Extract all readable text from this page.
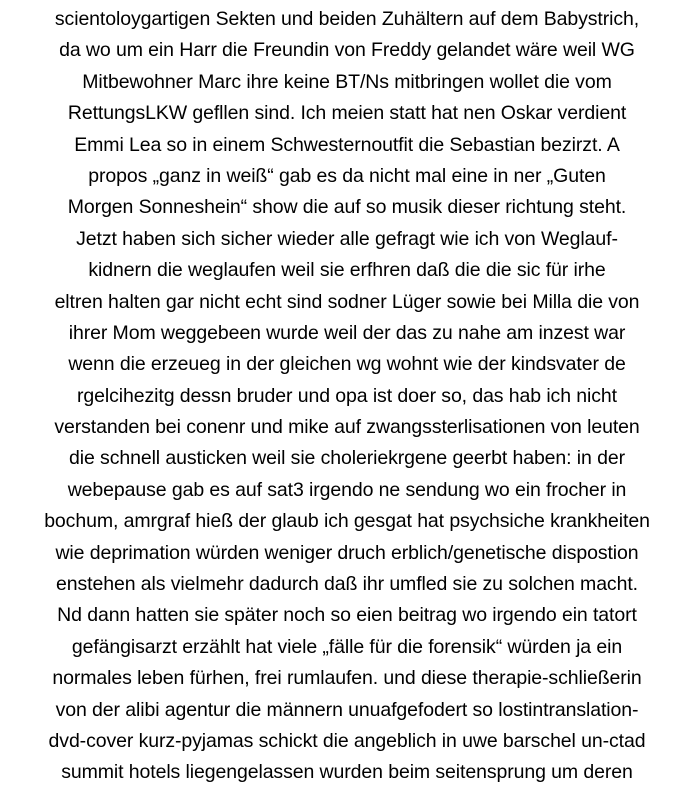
scientoloygartigen Sekten und beiden Zuhältern auf dem Babystrich,
da wo um ein Harr die Freundin von Freddy gelandet wäre weil WG
Mitbewohner Marc ihre keine BT/Ns mitbringen wollet die vom
RettungsLKW gefllen sind. Ich meien statt hat nen Oskar verdient
Emmi Lea so in einem Schwesternoutfit die Sebastian bezirzt. A
propos „ganz in weiß“ gab es da nicht mal eine in ner „Guten
Morgen Sonneshein“ show die auf so musik dieser richtung steht.
Jetzt haben sich sicher wieder alle gefragt wie ich von Weglauf-
kidnern die weglaufen weil sie erfhren daß die die sic für irhe
eltren halten gar nicht echt sind sodner Lüger sowie bei Milla die von
ihrer Mom weggebeen wurde weil der das zu nahe am inzest war
wenn die erzeueg in der gleichen wg wohnt wie der kindsvater de
rgelcihezitg dessn bruder und opa ist doer so, das hab ich nicht
verstanden bei conenr und mike auf zwangssterlisationen von leuten
die schnell austicken weil sie choleriekrgene geerbt haben: in der
webepause gab es auf sat3 irgendo ne sendung wo ein frocher in
bochum, amrgraf hieß der glaub ich gesgat hat psychsiche krankheiten
wie deprimation würden weniger druch erblich/genetische dispostion
enstehen als vielmehr dadurch daß ihr umfled sie zu solchen macht.
Nd dann hatten sie später noch so eien beitrag wo irgendo ein tatort
gefängisarzt erzählt hat viele „fälle für die forensik“ würden ja ein
normales leben fürhen, frei rumlaufen. und diese therapie-schließerin
von der alibi agentur die männern unuafgefodert so lostintranslation-
dvd-cover kurz-pyjamas schickt die angeblich in uwe barschel un-ctad
summit hotels liegengelassen wurden beim seitensprung um deren
